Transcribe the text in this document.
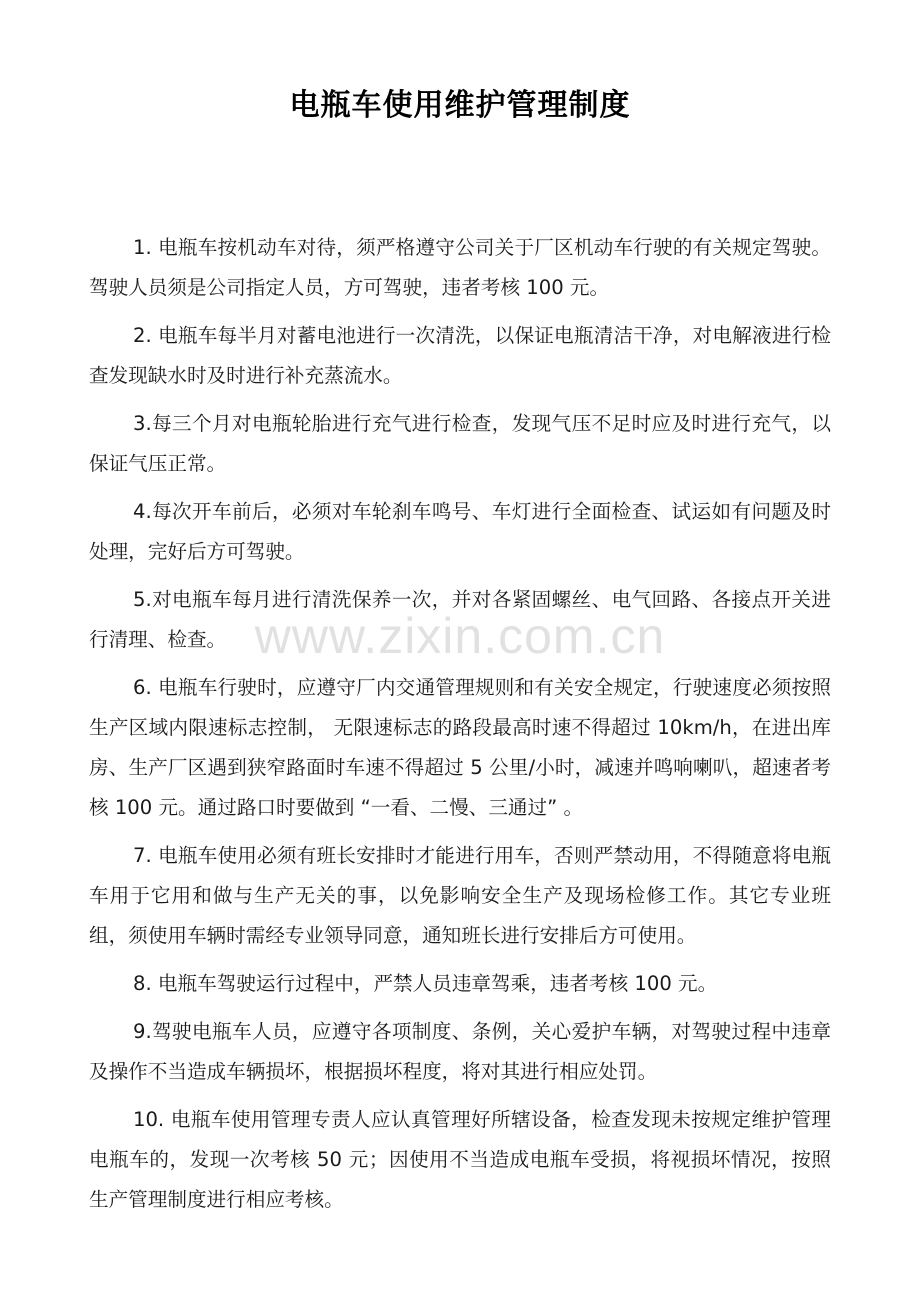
电瓶车使用维护管理制度

1. 电瓶车按机动车对待，须严格遵守公司关于厂区机动车行驶的有关规定驾驶。驾驶人员须是公司指定人员，方可驾驶，违者考核 100 元。

2. 电瓶车每半月对蓄电池进行一次清洗，以保证电瓶清洁干净，对电解液进行检查发现缺水时及时进行补充蒸流水。

3.每三个月对电瓶轮胎进行充气进行检查，发现气压不足时应及时进行充气，以保证气压正常。

4.每次开车前后，必须对车轮刹车鸣号、车灯进行全面检查、试运如有问题及时处理，完好后方可驾驶。

5.对电瓶车每月进行清洗保养一次，并对各紧固螺丝、电气回路、各接点开关进行清理、检查。

6. 电瓶车行驶时，应遵守厂内交通管理规则和有关安全规定，行驶速度必须按照生产区域内限速标志控制， 无限速标志的路段最高时速不得超过 10km/h，在进出库房、生产厂区遇到狭窄路面时车速不得超过 5 公里/小时，减速并鸣响喇叭，超速者考核 100 元。通过路口时要做到 “一看、二慢、三通过” 。

7. 电瓶车使用必须有班长安排时才能进行用车，否则严禁动用，不得随意将电瓶车用于它用和做与生产无关的事，以免影响安全生产及现场检修工作。其它专业班组，须使用车辆时需经专业领导同意，通知班长进行安排后方可使用。

8. 电瓶车驾驶运行过程中，严禁人员违章驾乘，违者考核 100 元。

9.驾驶电瓶车人员，应遵守各项制度、条例，关心爱护车辆，对驾驶过程中违章及操作不当造成车辆损坏，根据损坏程度，将对其进行相应处罚。

10. 电瓶车使用管理专责人应认真管理好所辖设备，检查发现未按规定维护管理电瓶车的，发现一次考核 50 元；因使用不当造成电瓶车受损，将视损坏情况，按照生产管理制度进行相应考核。

www.zixin.com.cn
